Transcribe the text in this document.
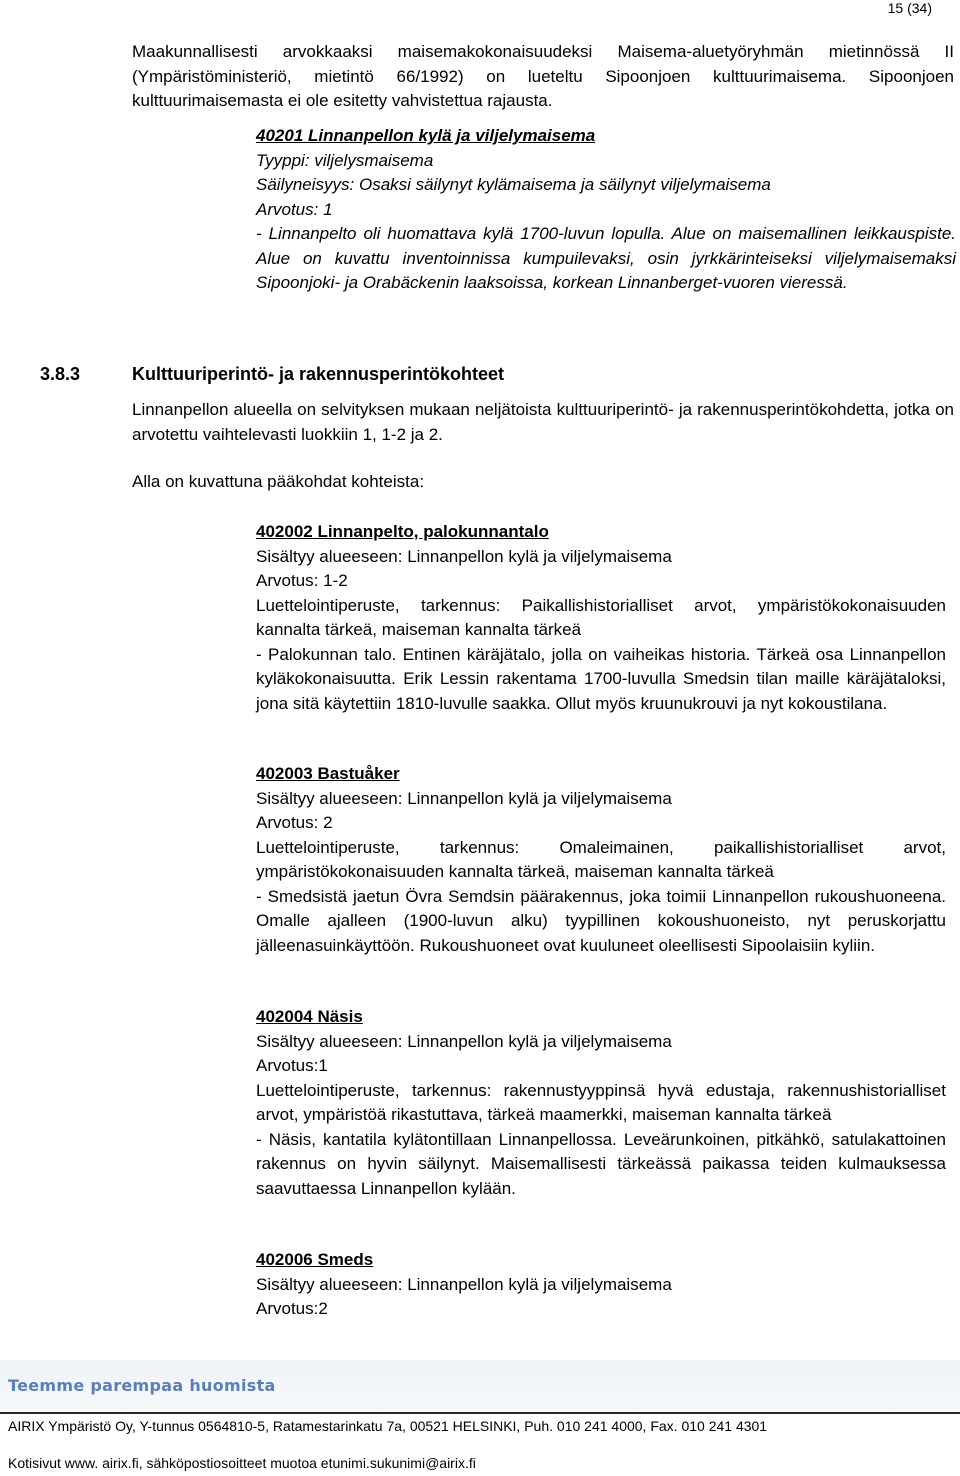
15 (34)

Maakunnallisesti arvokkaaksi maisemakokonaisuudeksi Maisema-aluetyöryhmän mietinnössä II (Ympäristöministeriö, mietintö 66/1992) on lueteltu Sipoonjoen kulttuurimaisema. Sipoonjoen kulttuurimaisemasta ei ole esitetty vahvistettua rajausta.

40201 Linnanpellon kylä ja viljelymaisema
Tyyppi: viljelysmaisema
Säilyneisyys: Osaksi säilynyt kylämaisema ja säilynyt viljelymaisema
Arvotus: 1
- Linnanpelto oli huomattava kylä 1700-luvun lopulla. Alue on maisemallinen leikkauspiste. Alue on kuvattu inventoinnissa kumpuilevaksi, osin jyrkkärinteiseksi viljelymaisemaksi Sipoonjoki- ja Orabäckenin laaksoissa, korkean Linnanberget-vuoren vieressä.
3.8.3	Kulttuuriperintö- ja rakennusperintökohteet

Linnanpellon alueella on selvityksen mukaan neljätoista kulttuuriperintö- ja rakennusperintökohdetta, jotka on arvotettu vaihtelevasti luokkiin 1, 1-2 ja 2.

Alla on kuvattuna pääkohdat kohteista:

402002 Linnanpelto, palokunnantalo
Sisältyy alueeseen: Linnanpellon kylä ja viljelymaisema
Arvotus: 1-2
Luettelointiperuste, tarkennus: Paikallishistorialliset arvot, ympäristökokonaisuuden kannalta tärkeä, maiseman kannalta tärkeä
- Palokunnan talo. Entinen käräjätalo, jolla on vaiheikas historia. Tärkeä osa Linnanpellon kyläkokonaisuutta. Erik Lessin rakentama 1700-luvulla Smedsin tilan maille käräjätaloksi, jona sitä käytettiin 1810-luvulle saakka. Ollut myös kruunukrouvi ja nyt kokoustilana.
402003 Bastuåker
Sisältyy alueeseen: Linnanpellon kylä ja viljelymaisema
Arvotus: 2
Luettelointiperuste, tarkennus: Omaleimainen, paikallishistorialliset arvot, ympäristökokonaisuuden kannalta tärkeä, maiseman kannalta tärkeä
- Smedsistä jaetun Övra Semdsin päärakennus, joka toimii Linnanpellon rukoushuoneena. Omalle ajalleen (1900-luvun alku) tyypillinen kokoushuoneisto, nyt peruskorjattu jälleenasuinkäyttöön. Rukoushuoneet ovat kuuluneet oleellisesti Sipoolaisiin kyliin.
402004 Näsis
Sisältyy alueeseen: Linnanpellon kylä ja viljelymaisema
Arvotus:1
Luettelointiperuste, tarkennus: rakennustyyppinsä hyvä edustaja, rakennushistorialliset arvot, ympäristöä rikastuttava, tärkeä maamerkki, maiseman kannalta tärkeä
- Näsis, kantatila kylätontillaan Linnanpellossa. Leveärunkoinen, pitkähkö, satulakattoinen rakennus on hyvin säilynyt. Maisemallisesti tärkeässä paikassa teiden kulmauksessa saavuttaessa Linnanpellon kylään.
402006 Smeds
Sisältyy alueeseen: Linnanpellon kylä ja viljelymaisema
Arvotus:2
Teemme parempaa huomista
AIRIX Ympäristö Oy, Y-tunnus 0564810-5, Ratamestarinkatu 7a, 00521 HELSINKI, Puh. 010 241 4000, Fax. 010 241 4301
Kotisivut www. airix.fi, sähköpostiosoitteet muotoa etunimi.sukunimi@airix.fi
